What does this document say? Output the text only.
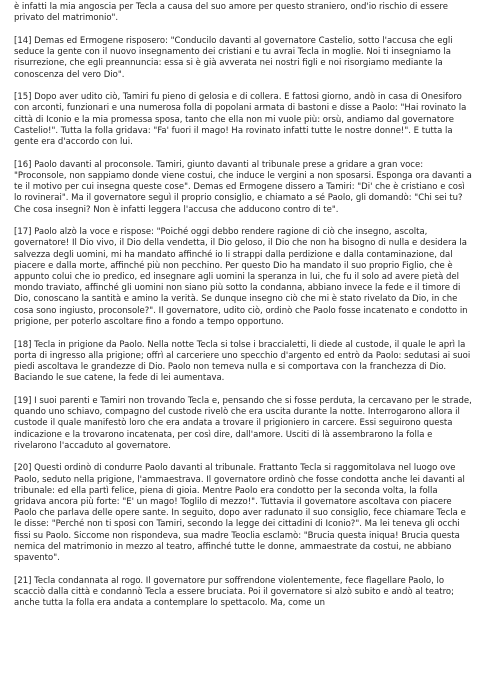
è infatti la mia angoscia per Tecla a causa del suo amore per questo straniero, ond'io rischio di essere privato del matrimonio".

[14] Demas ed Ermogene risposero: "Conducilo davanti al governatore Castelio, sotto l'accusa che egli seduce la gente con il nuovo insegnamento dei cristiani e tu avrai Tecla in moglie. Noi ti insegniamo la risurrezione, che egli preannuncia: essa si è già avverata nei nostri figli e noi risorgiamo mediante la conoscenza del vero Dio".

[15] Dopo aver udito ciò, Tamiri fu pieno di gelosia e di collera. E fattosi giorno, andò in casa di Onesiforo con arconti, funzionari e una numerosa folla di popolani armata di bastoni e disse a Paolo: "Hai rovinato la città di Iconio e la mia promessa sposa, tanto che ella non mi vuole più: orsù, andiamo dal governatore Castelio!". Tutta la folla gridava: "Fa' fuori il mago! Ha rovinato infatti tutte le nostre donne!". E tutta la gente era d'accordo con lui.

[16] Paolo davanti al proconsole. Tamiri, giunto davanti al tribunale prese a gridare a gran voce: "Proconsole, non sappiamo donde viene costui, che induce le vergini a non sposarsi. Esponga ora davanti a te il motivo per cui insegna queste cose". Demas ed Ermogene dissero a Tamiri: "Di' che è cristiano e così lo rovinerai". Ma il governatore seguì il proprio consiglio, e chiamato a sé Paolo, gli domandò: "Chi sei tu? Che cosa insegni? Non è infatti leggera l'accusa che adducono contro di te".

[17] Paolo alzò la voce e rispose: "Poiché oggi debbo rendere ragione di ciò che insegno, ascolta, governatore! Il Dio vivo, il Dio della vendetta, il Dio geloso, il Dio che non ha bisogno di nulla e desidera la salvezza degli uomini, mi ha mandato affinché io li strappi dalla perdizione e dalla contaminazione, dal piacere e dalla morte, affinché più non pecchino. Per questo Dio ha mandato il suo proprio Figlio, che è appunto colui che io predico, ed insegnare agli uomini la speranza in lui, che fu il solo ad avere pietà del mondo traviato, affinché gli uomini non siano più sotto la condanna, abbiano invece la fede e il timore di Dio, conoscano la santità e amino la verità. Se dunque insegno ciò che mi è stato rivelato da Dio, in che cosa sono ingiusto, proconsole?". Il governatore, udito ciò, ordinò che Paolo fosse incatenato e condotto in prigione, per poterlo ascoltare fino a fondo a tempo opportuno.

[18] Tecla in prigione da Paolo. Nella notte Tecla si tolse i braccialetti, li diede al custode, il quale le aprì la porta di ingresso alla prigione; offrì al carceriere uno specchio d'argento ed entrò da Paolo: sedutasi ai suoi piedi ascoltava le grandezze di Dio. Paolo non temeva nulla e si comportava con la franchezza di Dio. Baciando le sue catene, la fede di lei aumentava.

[19] I suoi parenti e Tamiri non trovando Tecla e, pensando che si fosse perduta, la cercavano per le strade, quando uno schiavo, compagno del custode rivelò che era uscita durante la notte. Interrogarono allora il custode il quale manifestò loro che era andata a trovare il prigioniero in carcere. Essi seguirono questa indicazione e la trovarono incatenata, per così dire, dall'amore. Usciti di là assembrarono la folla e rivelarono l'accaduto al governatore.

[20] Questi ordinò di condurre Paolo davanti al tribunale. Frattanto Tecla si raggomitolava nel luogo ove Paolo, seduto nella prigione, l'ammaestrava. Il governatore ordinò che fosse condotta anche lei davanti al tribunale: ed ella partì felice, piena di gioia. Mentre Paolo era condotto per la seconda volta, la folla gridava ancora più forte: "E' un mago! Toglilo di mezzo!". Tuttavia il governatore ascoltava con piacere Paolo che parlava delle opere sante. In seguito, dopo aver radunato il suo consiglio, fece chiamare Tecla e le disse: "Perché non ti sposi con Tamiri, secondo la legge dei cittadini di Iconio?". Ma lei teneva gli occhi fissi su Paolo. Siccome non rispondeva, sua madre Teoclia esclamò: "Brucia questa iniqua! Brucia questa nemica del matrimonio in mezzo al teatro, affinché tutte le donne, ammaestrate da costui, ne abbiano spavento".

[21] Tecla condannata al rogo. Il governatore pur soffrendone violentemente, fece flagellare Paolo, lo scacciò dalla città e condannò Tecla a essere bruciata. Poi il governatore si alzò subito e andò al teatro; anche tutta la folla era andata a contemplare lo spettacolo. Ma, come un
